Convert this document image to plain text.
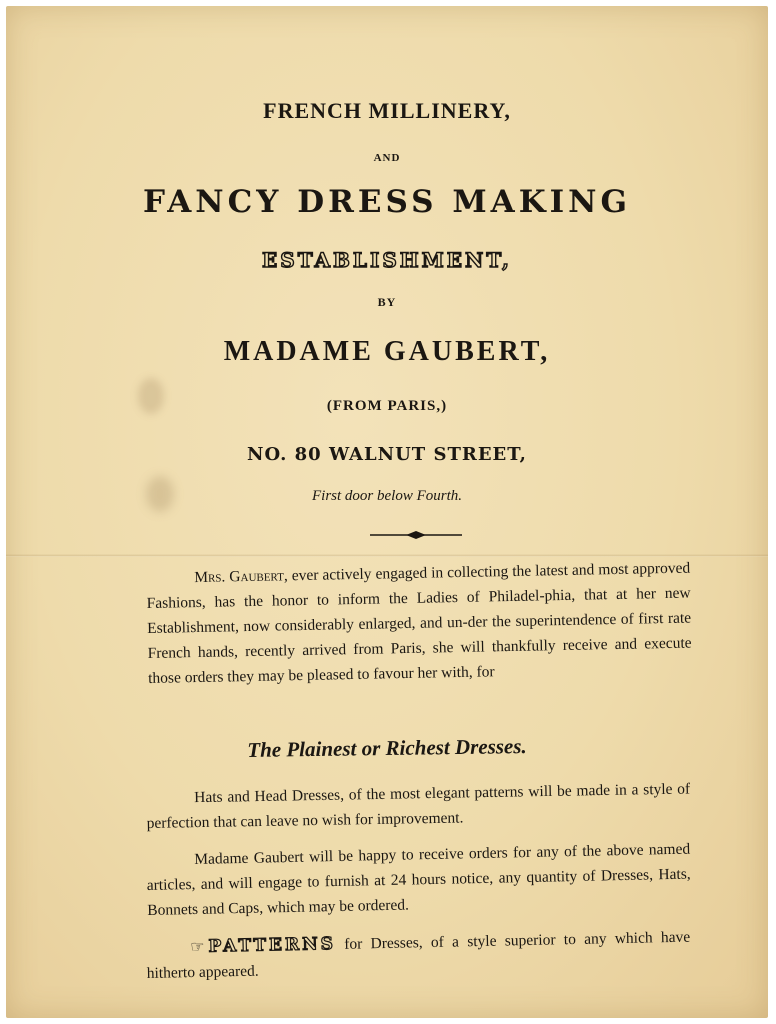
FRENCH MILLINERY,

AND

FANCY DRESS MAKING

ESTABLISHMENT,

BY

MADAME GAUBERT,

(FROM PARIS,)

NO. 80 WALNUT STREET,

First door below Fourth.

Mrs. Gaubert, ever actively engaged in collecting the latest and most approved Fashions, has the honor to inform the Ladies of Philadel-phia, that at her new Establishment, now considerably enlarged, and un-der the superintendence of first rate French hands, recently arrived from Paris, she will thankfully receive and execute those orders they may be pleased to favour her with, for

The Plainest or Richest Dresses.

Hats and Head Dresses, of the most elegant patterns will be made in a style of perfection that can leave no wish for improvement.

Madame Gaubert will be happy to receive orders for any of the above named articles, and will engage to furnish at 24 hours notice, any quantity of Dresses, Hats, Bonnets and Caps, which may be ordered.

☞ PATTERNS for Dresses, of a style superior to any which have hitherto appeared.
